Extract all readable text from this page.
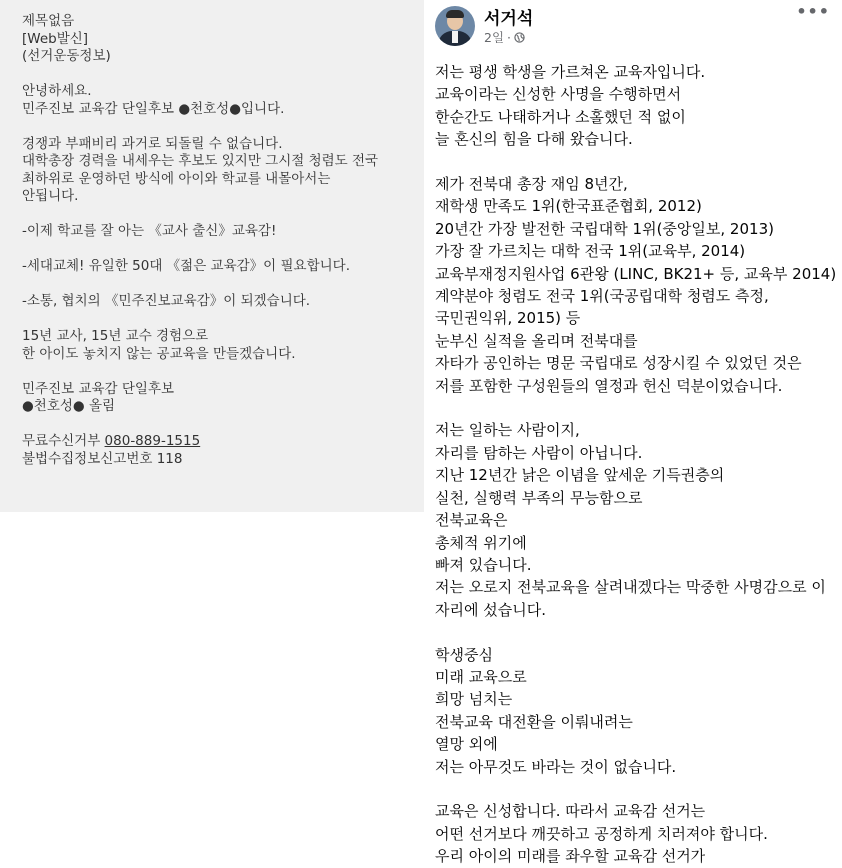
제목없음
[Web발신]
(선거운동정보)
안녕하세요.
민주진보 교육감 단일후보 ●천호성●입니다.
경쟁과 부패비리 과거로 되돌릴 수 없습니다.
대학총장 경력을 내세우는 후보도 있지만 그시절 청렴도 전국
최하위로 운영하던 방식에 아이와 학교를 내몰아서는
안됩니다.
-이제 학교를 잘 아는 《교사 출신》교육감!
-세대교체! 유일한 50대 《젊은 교육감》이 필요합니다.
-소통, 협치의 《민주진보교육감》이 되겠습니다.
15년 교사, 15년 교수 경험으로
한 아이도 놓치지 않는 공교육을 만들겠습니다.
민주진보 교육감 단일후보
●천호성● 올림

무료수신거부 080-889-1515

불법수집정보신고번호 118

서거석
2일 ·
•••
저는 평생 학생을 가르쳐온 교육자입니다.
교육이라는 신성한 사명을 수행하면서
한순간도 나태하거나 소홀했던 적 없이
늘 혼신의 힘을 다해 왔습니다.
제가 전북대 총장 재임 8년간,
재학생 만족도 1위(한국표준협회, 2012)
20년간 가장 발전한 국립대학 1위(중앙일보, 2013)
가장 잘 가르치는 대학 전국 1위(교육부, 2014)
교육부재정지원사업 6관왕 (LINC, BK21+ 등, 교육부 2014)
계약분야 청렴도 전국 1위(국공립대학 청렴도 측정,
국민권익위, 2015) 등
눈부신 실적을 올리며 전북대를
자타가 공인하는 명문 국립대로 성장시킬 수 있었던 것은
저를 포함한 구성원들의 열정과 헌신 덕분이었습니다.
저는 일하는 사람이지,
자리를 탐하는 사람이 아닙니다.
지난 12년간 낡은 이념을 앞세운 기득권층의
실천, 실행력 부족의 무능함으로
전북교육은
총체적 위기에
빠져 있습니다.
저는 오로지 전북교육을 살려내겠다는 막중한 사명감으로 이
자리에 섰습니다.
학생중심
미래 교육으로
희망 넘치는
전북교육 대전환을 이뤄내려는
열망 외에
저는 아무것도 바라는 것이 없습니다.
교육은 신성합니다. 따라서 교육감 선거는
어떤 선거보다 깨끗하고 공정하게 치러져야 합니다.
우리 아이의 미래를 좌우할 교육감 선거가
